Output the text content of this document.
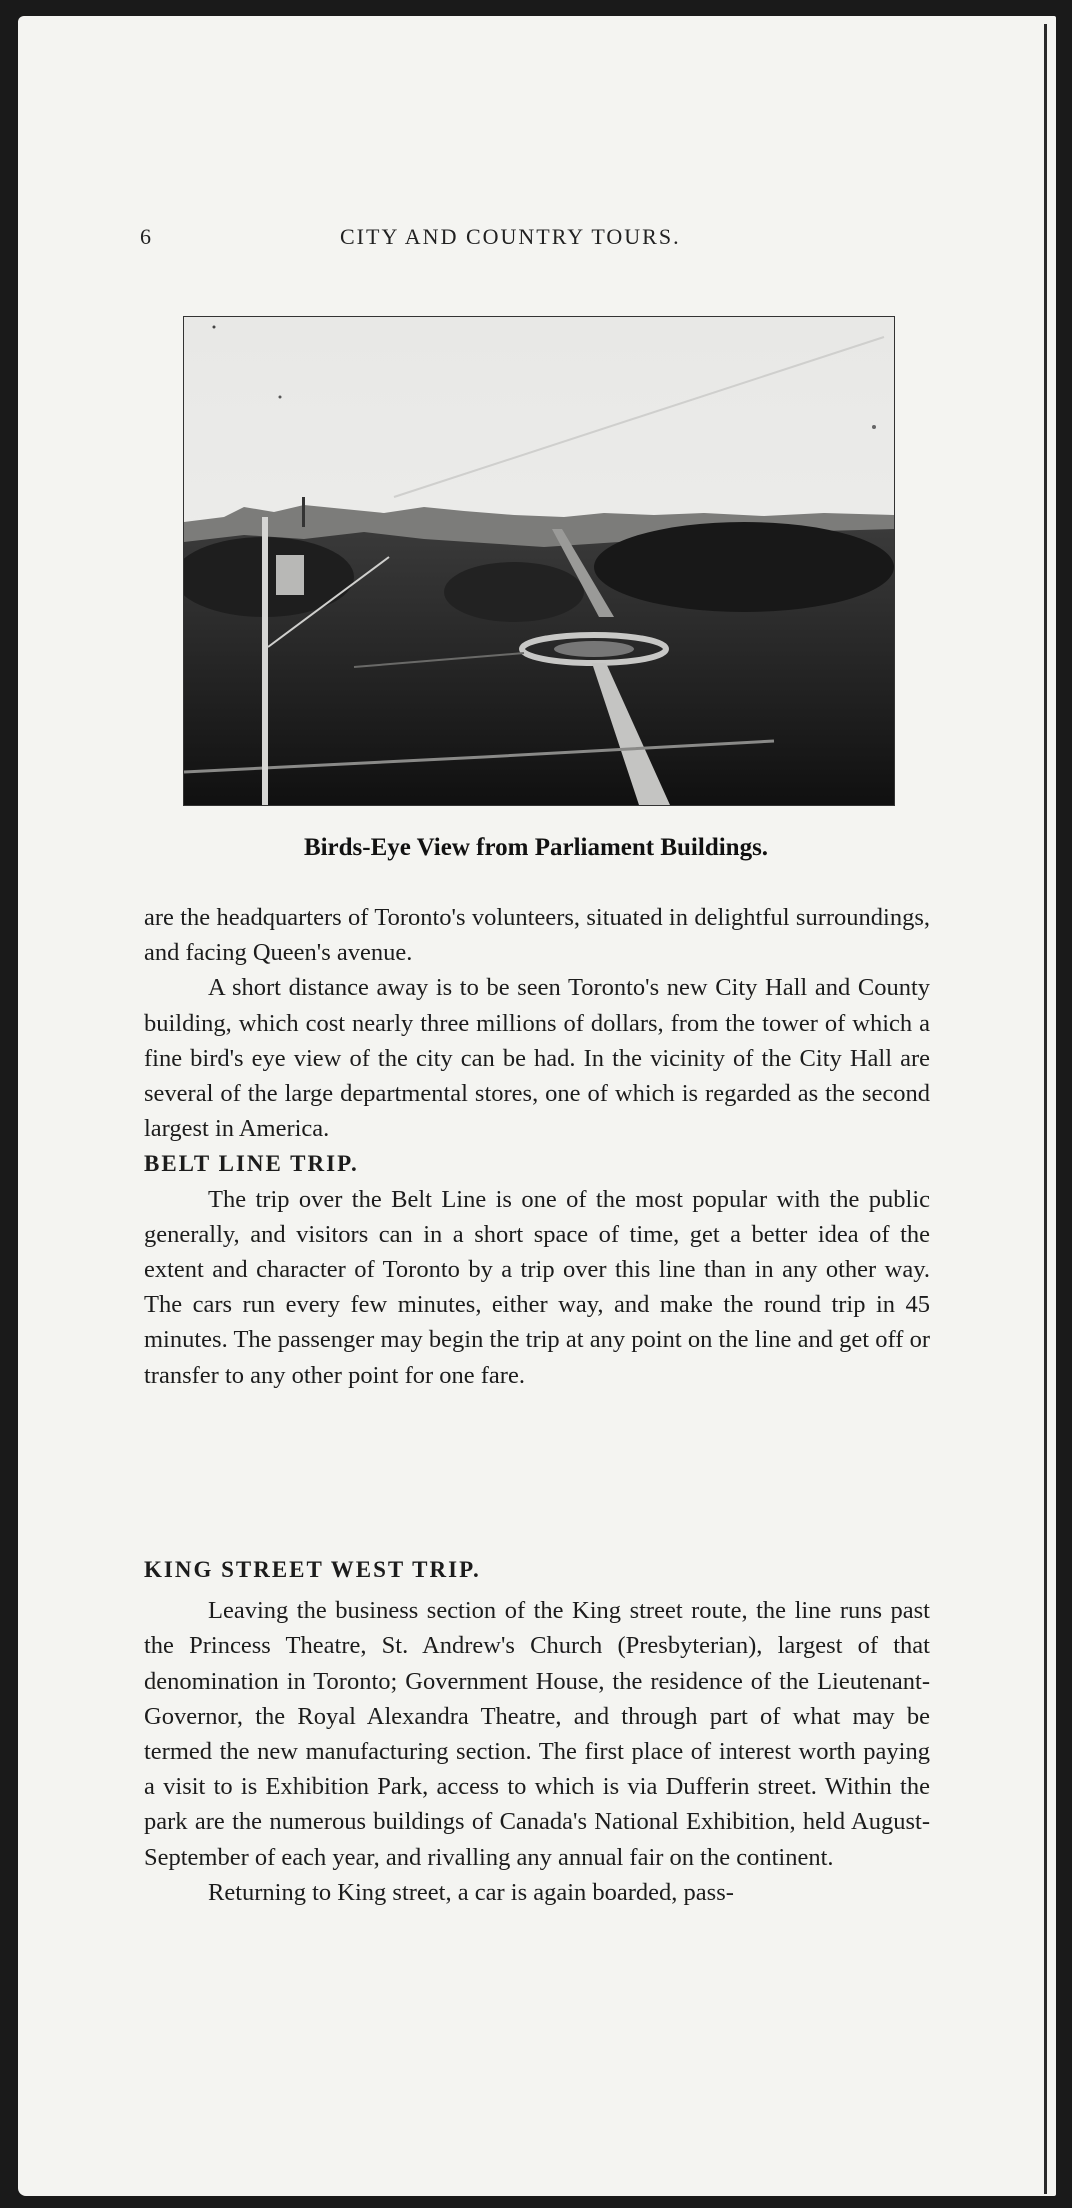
6	CITY AND COUNTRY TOURS.
Birds-Eye View from Parliament Buildings.

are the headquarters of Toronto's volunteers, situated in delightful surroundings, and facing Queen's avenue.

A short distance away is to be seen Toronto's new City Hall and County building, which cost nearly three millions of dollars, from the tower of which a fine bird's eye view of the city can be had. In the vicinity of the City Hall are several of the large departmental stores, one of which is regarded as the second largest in America.

BELT LINE TRIP.

The trip over the Belt Line is one of the most popular with the public generally, and visitors can in a short space of time, get a better idea of the extent and character of Toronto by a trip over this line than in any other way. The cars run every few minutes, either way, and make the round trip in 45 minutes. The passenger may begin the trip at any point on the line and get off or transfer to any other point for one fare.

KING STREET WEST TRIP.

Leaving the business section of the King street route, the line runs past the Princess Theatre, St. Andrew's Church (Presbyterian), largest of that denomination in Toronto; Government House, the residence of the Lieutenant-Governor, the Royal Alexandra Theatre, and through part of what may be termed the new manufacturing section. The first place of interest worth paying a visit to is Exhibition Park, access to which is via Dufferin street. Within the park are the numerous buildings of Canada's National Exhibition, held August-September of each year, and rivalling any annual fair on the continent.

Returning to King street, a car is again boarded, pass-
